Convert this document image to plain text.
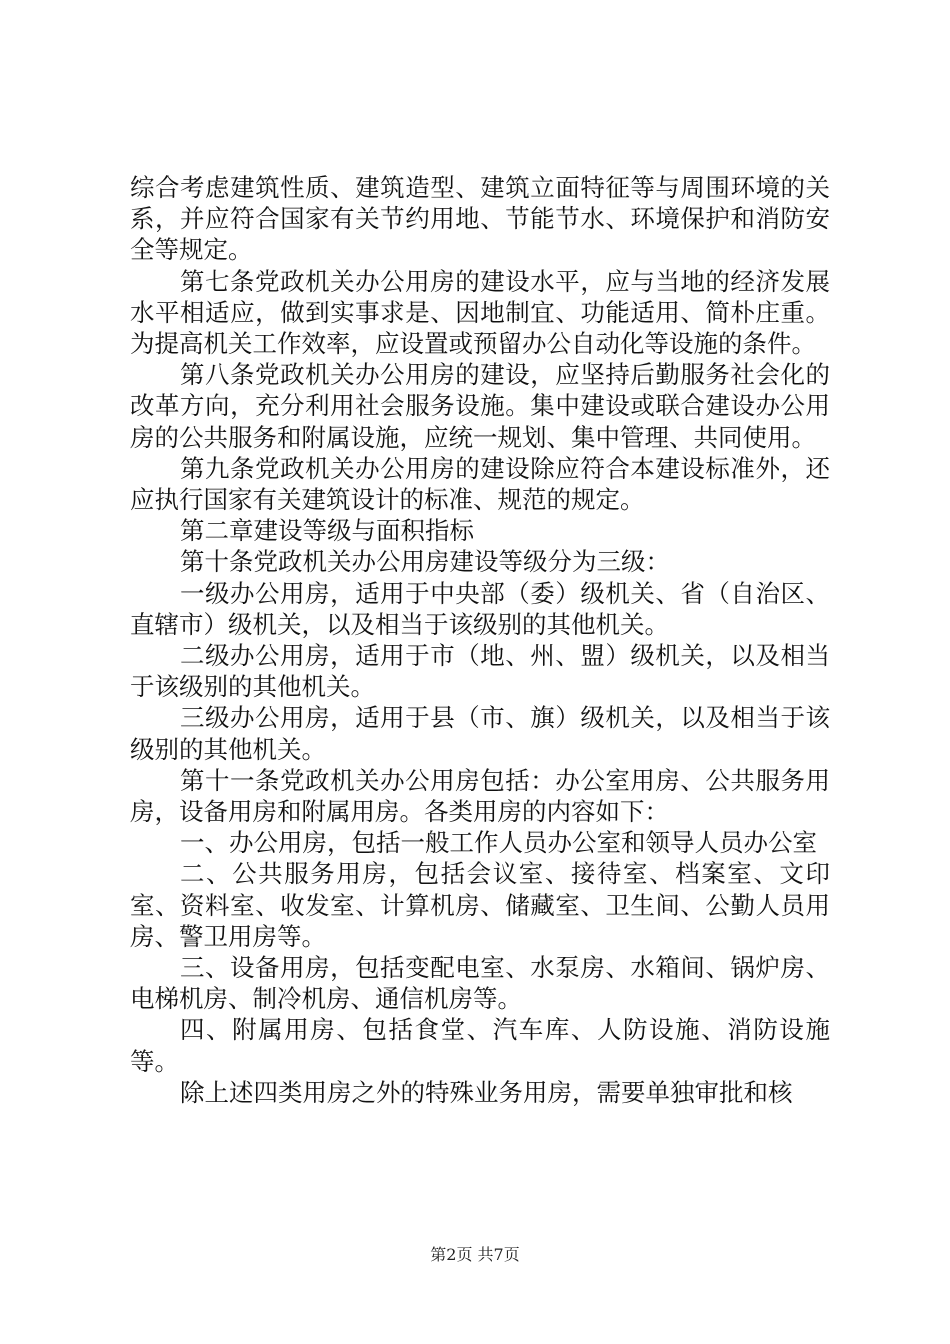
综合考虑建筑性质、建筑造型、建筑立面特征等与周围环境的关系，并应符合国家有关节约用地、节能节水、环境保护和消防安全等规定。

第七条党政机关办公用房的建设水平，应与当地的经济发展水平相适应，做到实事求是、因地制宜、功能适用、简朴庄重。为提高机关工作效率，应设置或预留办公自动化等设施的条件。

第八条党政机关办公用房的建设，应坚持后勤服务社会化的改革方向，充分利用社会服务设施。集中建设或联合建设办公用房的公共服务和附属设施，应统一规划、集中管理、共同使用。

第九条党政机关办公用房的建设除应符合本建设标准外，还应执行国家有关建筑设计的标准、规范的规定。

第二章建设等级与面积指标

第十条党政机关办公用房建设等级分为三级：

一级办公用房，适用于中央部（委）级机关、省（自治区、直辖市）级机关，以及相当于该级别的其他机关。

二级办公用房，适用于市（地、州、盟）级机关，以及相当于该级别的其他机关。

三级办公用房，适用于县（市、旗）级机关，以及相当于该级别的其他机关。

第十一条党政机关办公用房包括：办公室用房、公共服务用房，设备用房和附属用房。各类用房的内容如下：

一、办公用房，包括一般工作人员办公室和领导人员办公室

二、公共服务用房，包括会议室、接待室、档案室、文印室、资料室、收发室、计算机房、储藏室、卫生间、公勤人员用房、警卫用房等。

三、设备用房，包括变配电室、水泵房、水箱间、锅炉房、电梯机房、制冷机房、通信机房等。

四、附属用房、包括食堂、汽车库、人防设施、消防设施等。

除上述四类用房之外的特殊业务用房，需要单独审批和核

第2页 共7页
